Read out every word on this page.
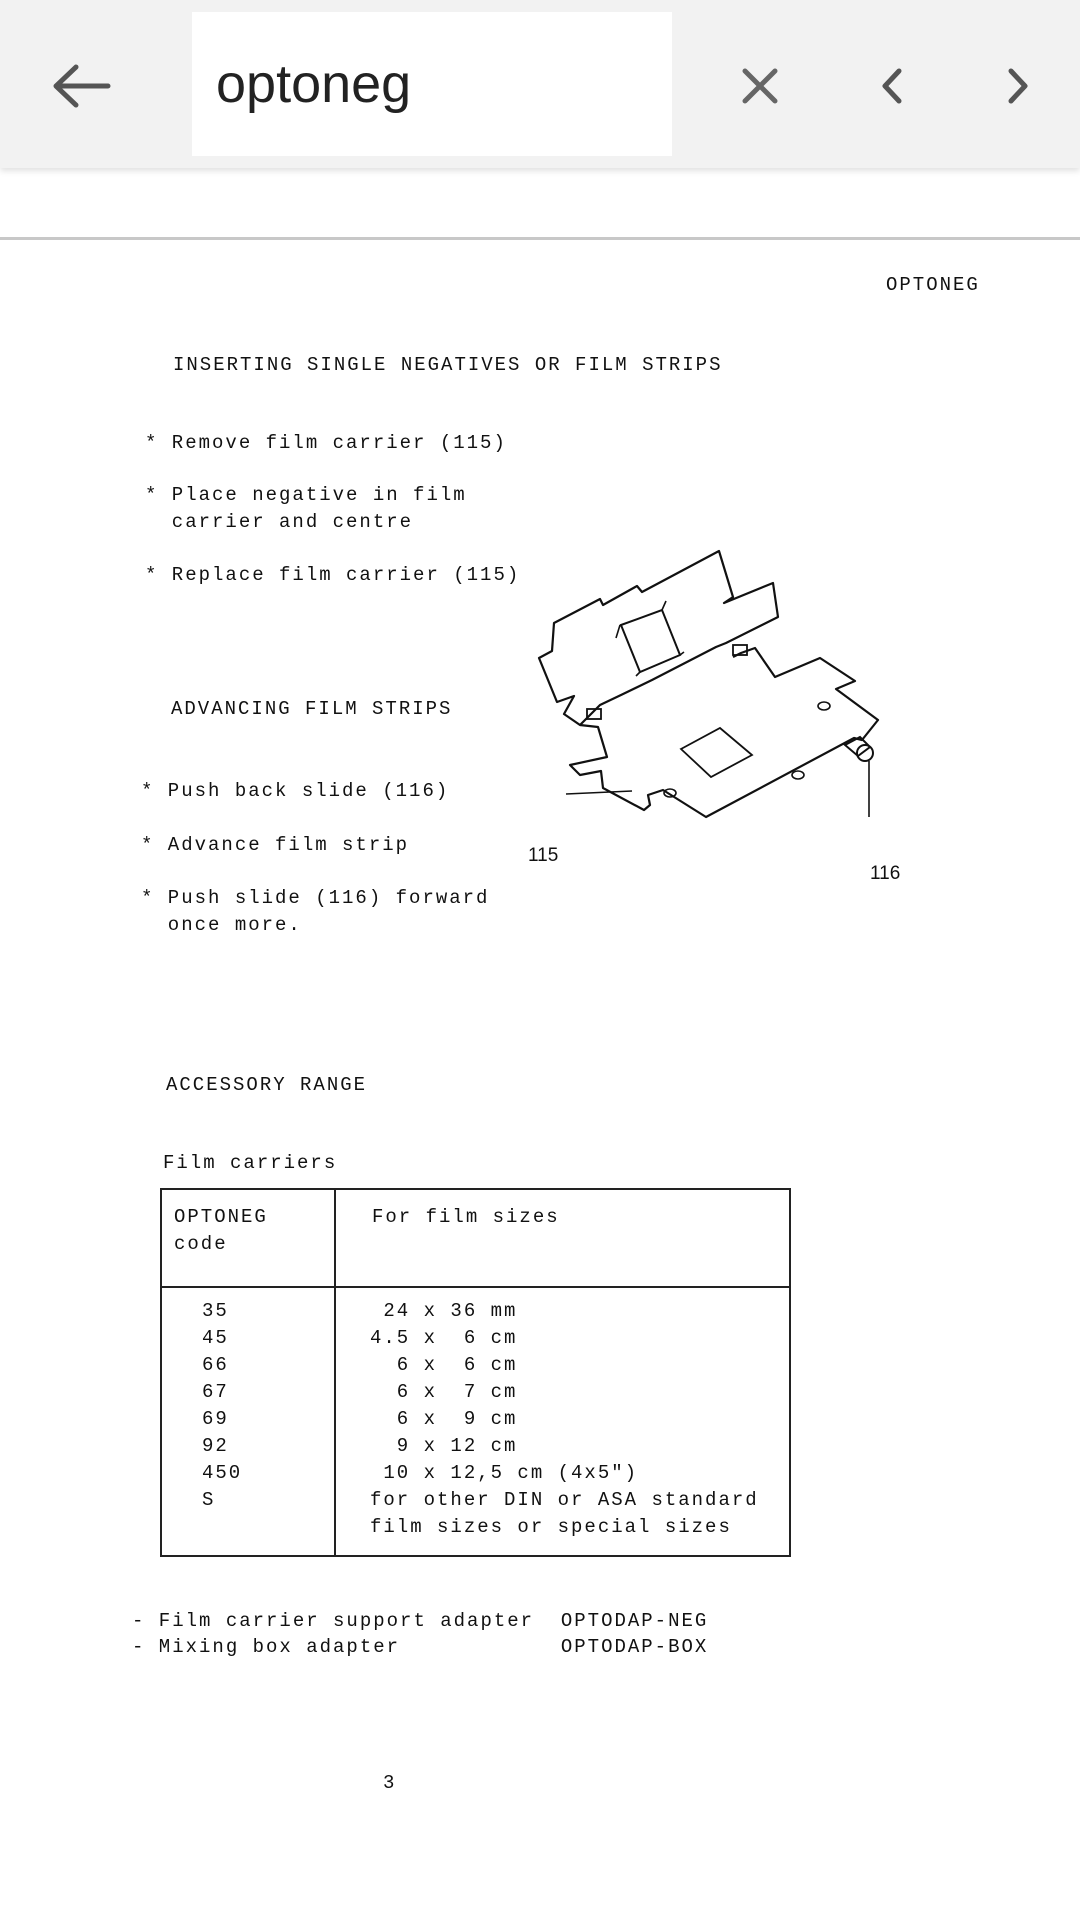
optoneg
OPTONEG
INSERTING SINGLE NEGATIVES OR FILM STRIPS
* Remove film carrier (115)
* Place negative in film
carrier and centre
* Replace film carrier (115)
ADVANCING FILM STRIPS
* Push back slide (116)
* Advance film strip
* Push slide (116) forward
once more.
115
116
ACCESSORY RANGE
Film carriers
OPTONEG
code	For film sizes

35	24 x 36 mm
45	4.5 x  6 cm
66	6 x  6 cm
67	6 x  7 cm
69	6 x  9 cm
92	9 x 12 cm
450	10 x 12,5 cm (4x5")
S	for other DIN or ASA standard
	film sizes or special sizes
- Film carrier support adapter  OPTODAP-NEG
- Mixing box adapter            OPTODAP-BOX
3
